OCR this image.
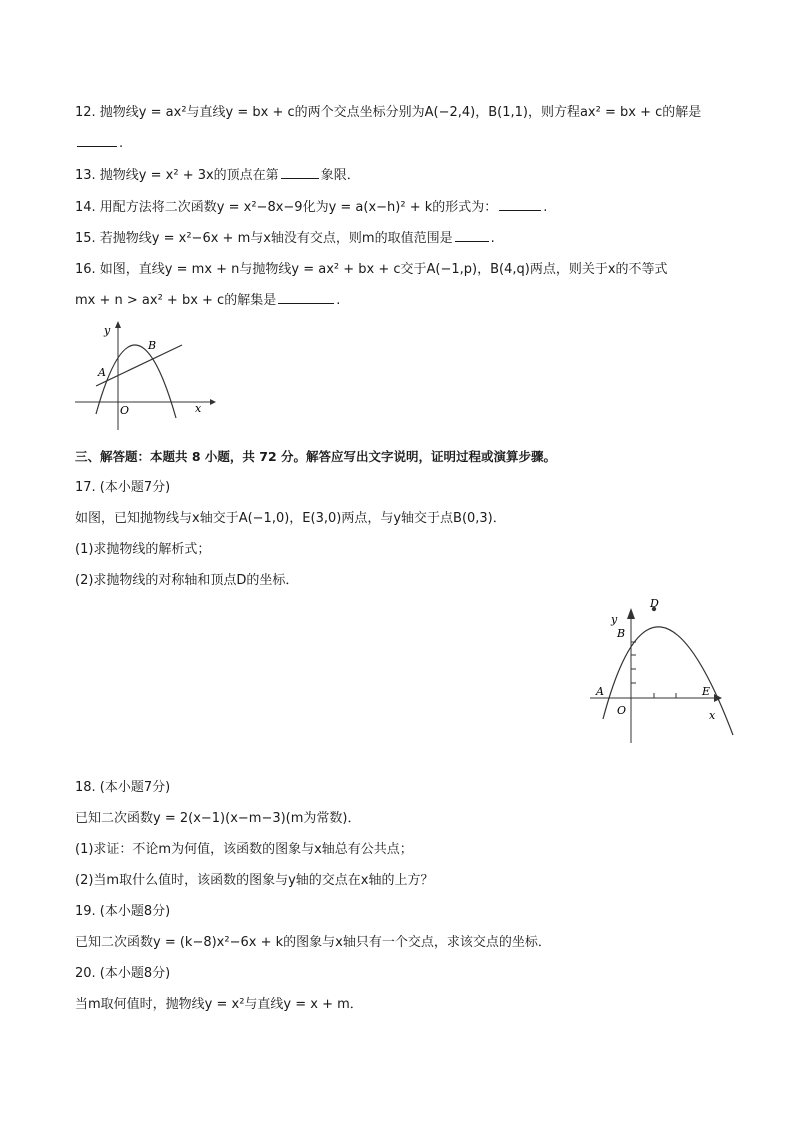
12. 抛物线y = ax²与直线y = bx + c的两个交点坐标分别为A(−2,4)，B(1,1)，则方程ax² = bx + c的解是
.
13. 抛物线y = x² + 3x的顶点在第	象限．
14. 用配方法将二次函数y = x²−8x−9化为y = a(x−h)² + k的形式为：	.
15. 若抛物线y = x²−6x + m与x轴没有交点，则m的取值范围是	.
16. 如图，直线y = mx + n与抛物线y = ax² + bx + c交于A(−1,p)，B(4,q)两点，则关于x的不等式
mx + n > ax² + bx + c的解集是	.
y
x
O
A
B
三、解答题：本题共 8 小题，共 72 分。解答应写出文字说明，证明过程或演算步骤。
17. (本小题7分)
如图，已知抛物线与x轴交于A(−1,0)，E(3,0)两点，与y轴交于点B(0,3)．
(1)求抛物线的解析式；
(2)求抛物线的对称轴和顶点D的坐标．
y
x
O
A
B
D
E
18. (本小题7分)
已知二次函数y = 2(x−1)(x−m−3)(m为常数)．
(1)求证：不论m为何值，该函数的图象与x轴总有公共点；
(2)当m取什么值时，该函数的图象与y轴的交点在x轴的上方？
19. (本小题8分)
已知二次函数y = (k−8)x²−6x + k的图象与x轴只有一个交点，求该交点的坐标．
20. (本小题8分)
当m取何值时，抛物线y = x²与直线y = x + m．
